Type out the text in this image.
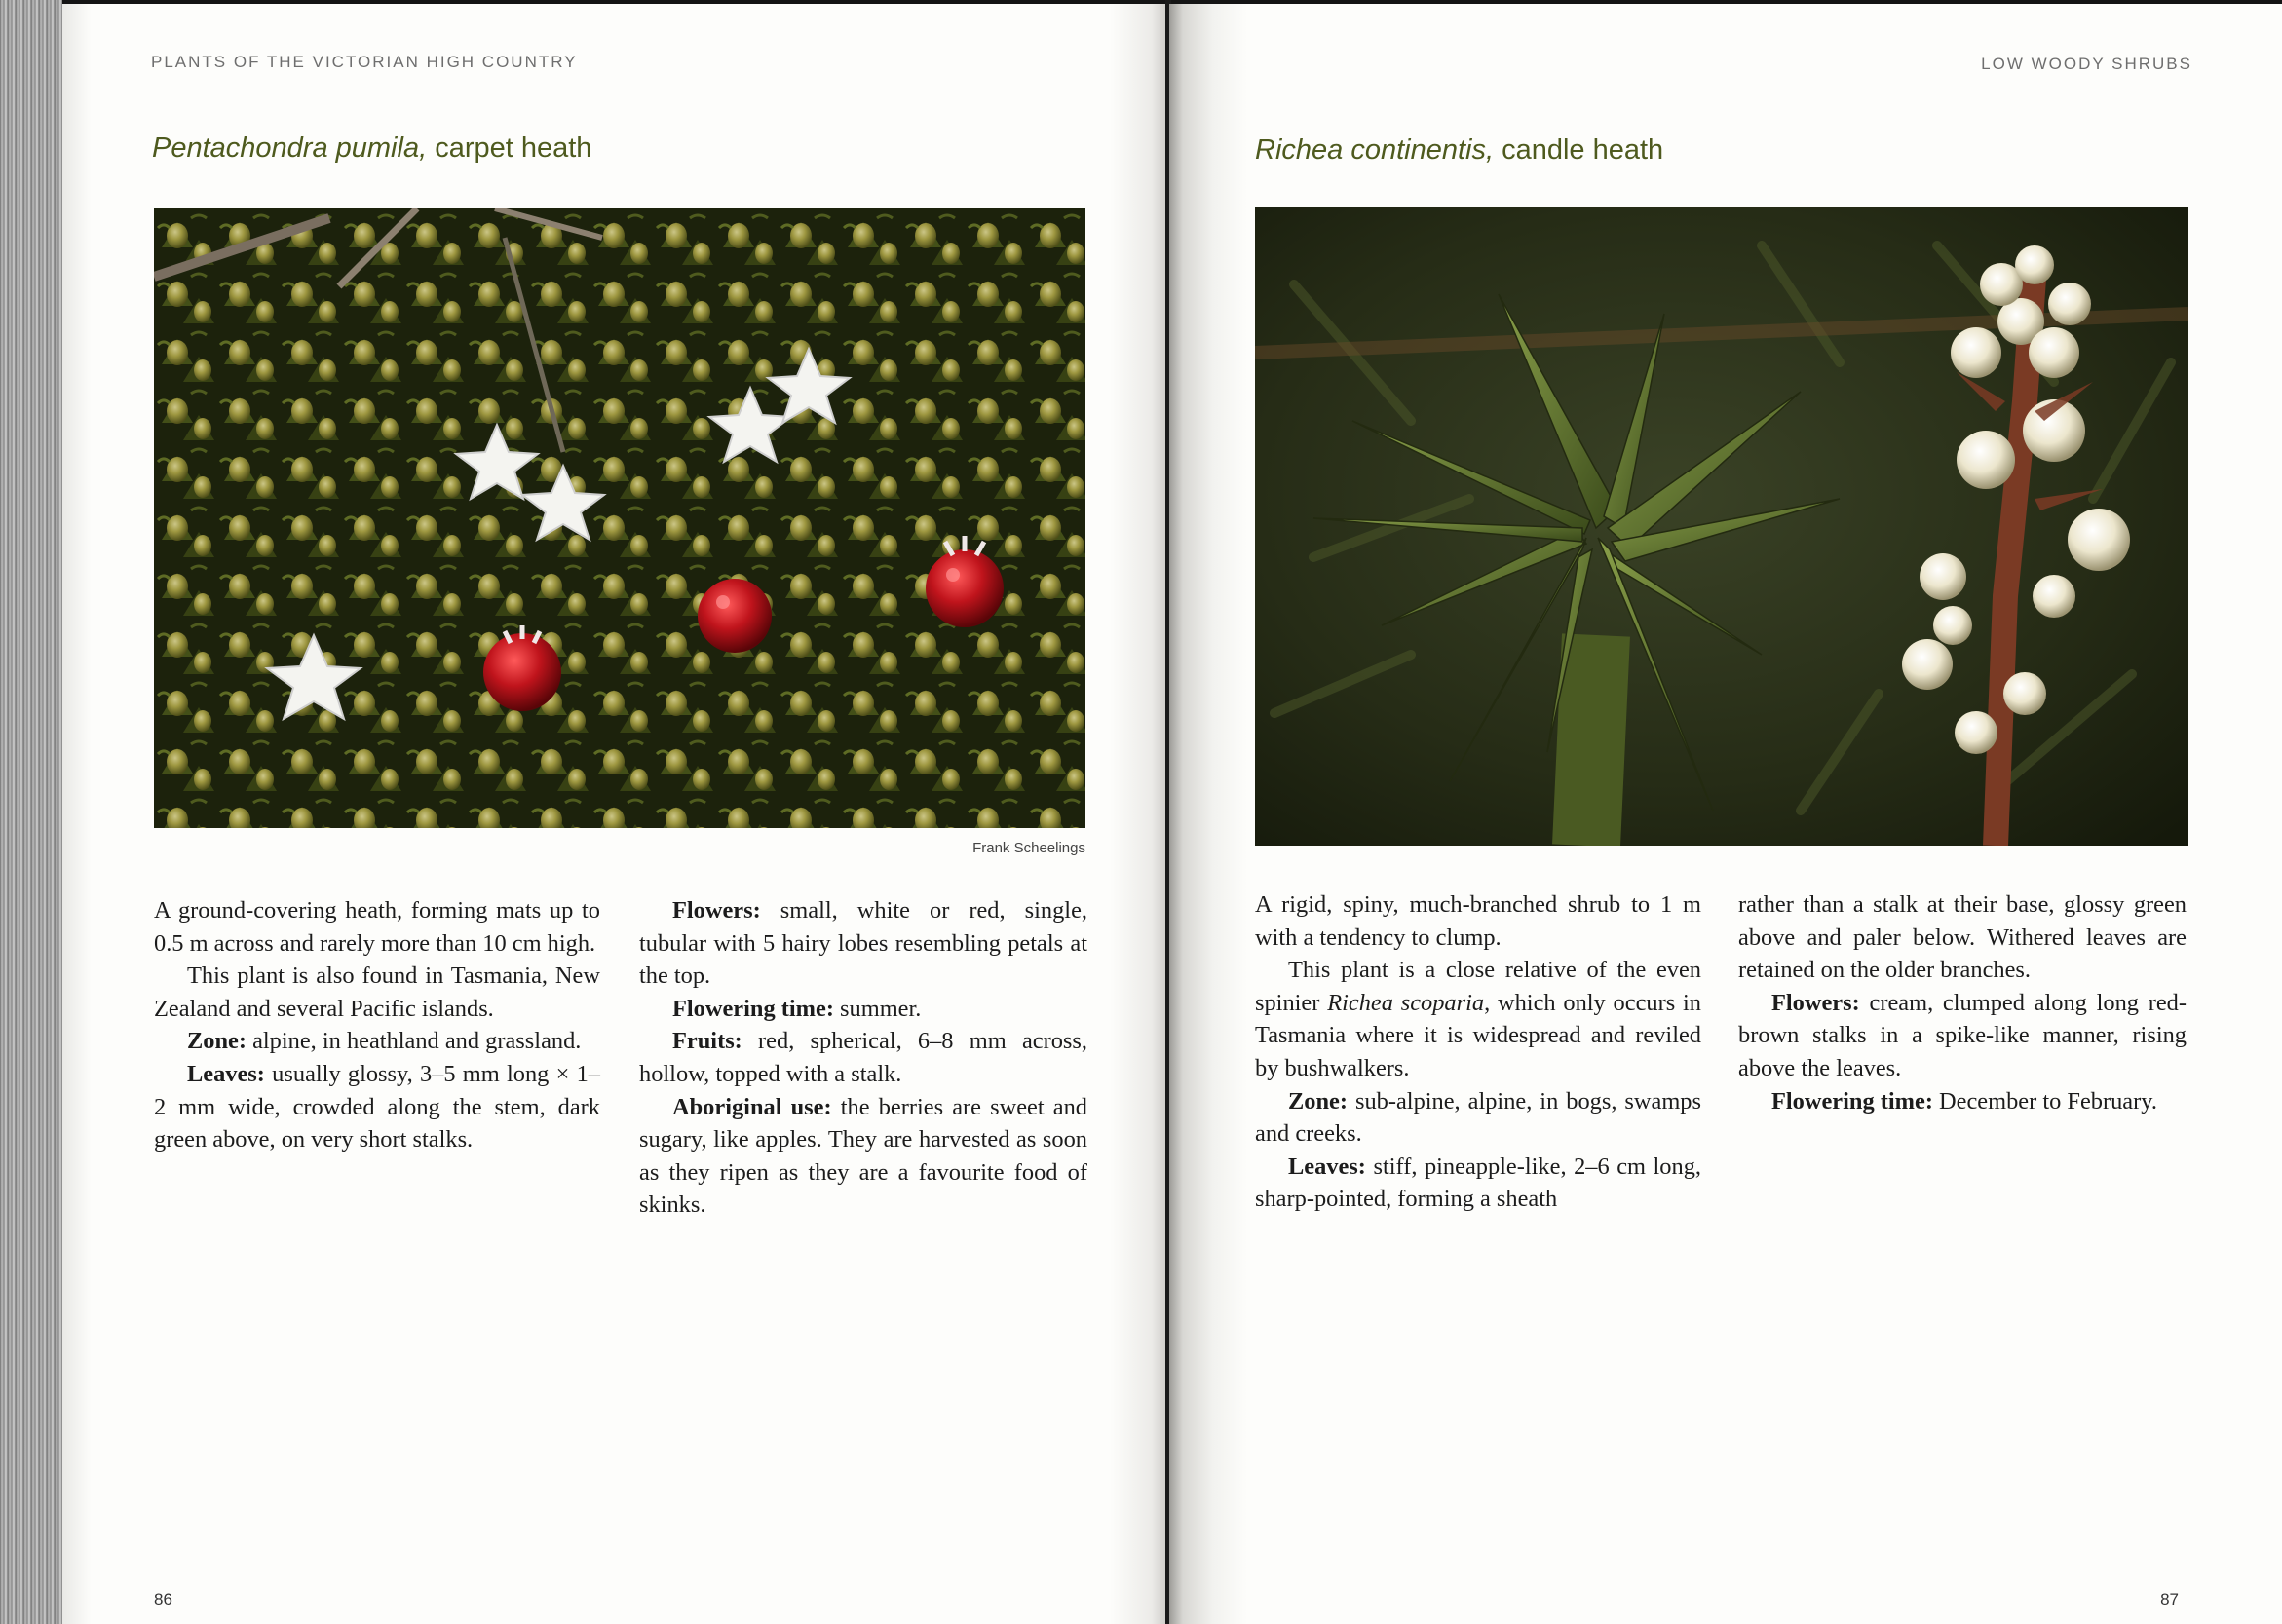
PLANTS OF THE VICTORIAN HIGH COUNTRY
Pentachondra pumila, carpet heath
Frank Scheelings

A ground-covering heath, forming mats up to 0.5 m across and rarely more than 10 cm high.

This plant is also found in Tasmania, New Zealand and several Pacific islands.

Zone: alpine, in heathland and grassland.

Leaves: usually glossy, 3–5 mm long × 1–2 mm wide, crowded along the stem, dark green above, on very short stalks.

Flowers: small, white or red, single, tubular with 5 hairy lobes resembling petals at the top.

Flowering time: summer.

Fruits: red, spherical, 6–8 mm across, hollow, topped with a stalk.

Aboriginal use: the berries are sweet and sugary, like apples. They are harvested as soon as they ripen as they are a favourite food of skinks.

86
LOW WOODY SHRUBS
Richea continentis, candle heath

A rigid, spiny, much-branched shrub to 1 m with a tendency to clump.

This plant is a close relative of the even spinier Richea scoparia, which only occurs in Tasmania where it is widespread and reviled by bushwalkers.

Zone: sub-alpine, alpine, in bogs, swamps and creeks.

Leaves: stiff, pineapple-like, 2–6 cm long, sharp-pointed, forming a sheath

rather than a stalk at their base, glossy green above and paler below. Withered leaves are retained on the older branches.

Flowers: cream, clumped along long red-brown stalks in a spike-like manner, rising above the leaves.

Flowering time: December to February.

87
